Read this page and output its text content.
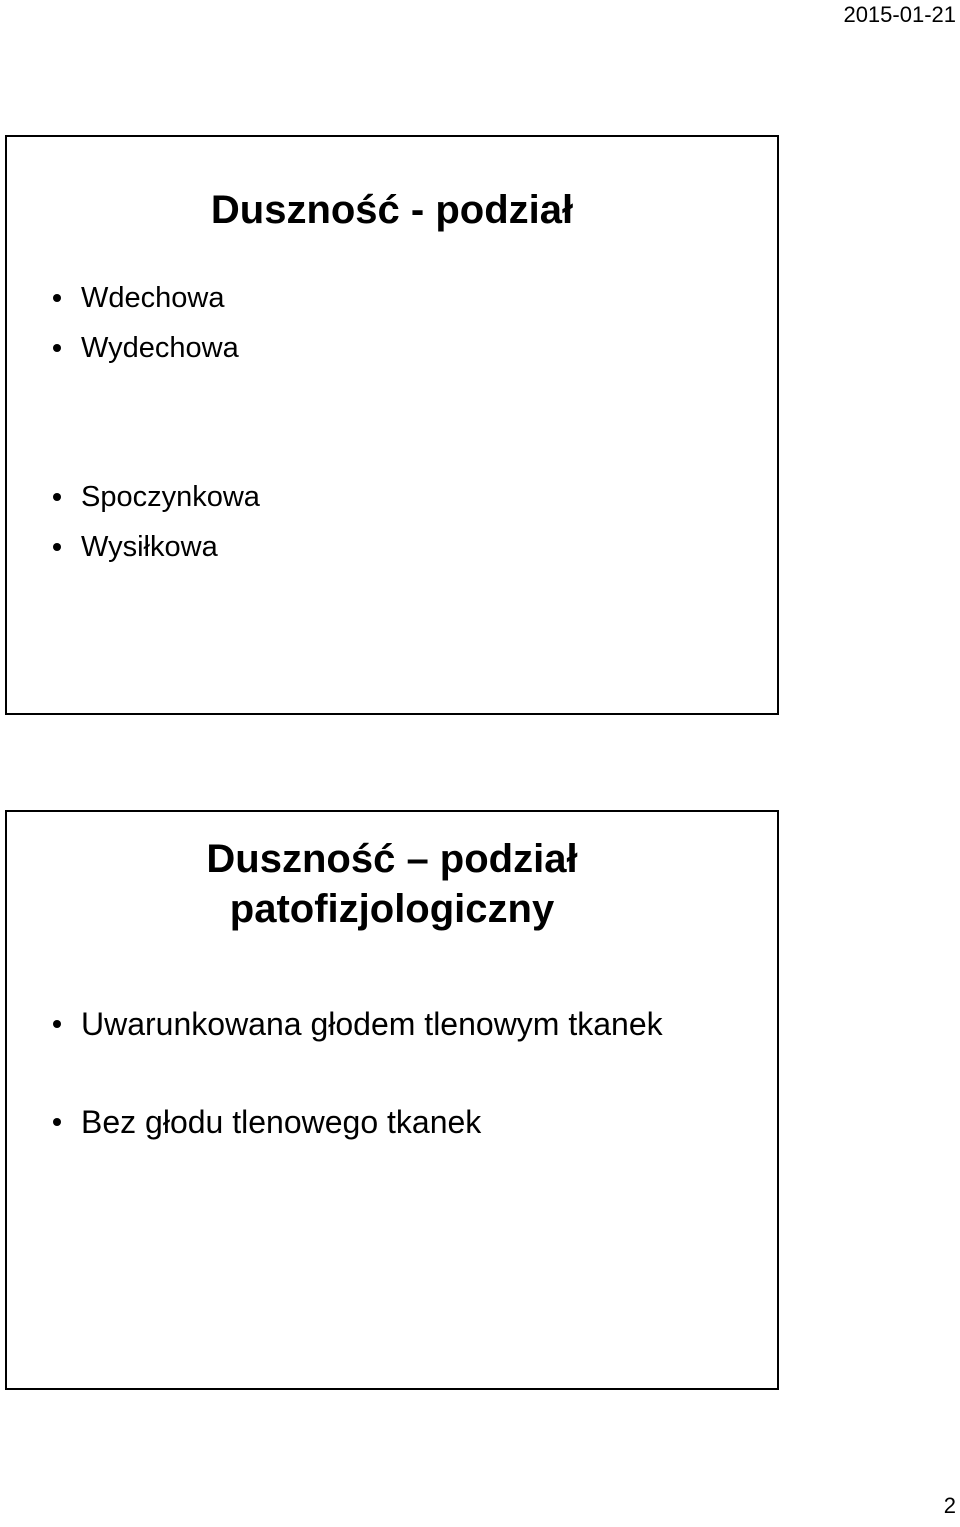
2015-01-21
Duszność - podział
Wdechowa
Wydechowa
Spoczynkowa
Wysiłkowa
Duszność – podział
patofizjologiczny
Uwarunkowana głodem tlenowym tkanek
Bez głodu tlenowego tkanek
2
